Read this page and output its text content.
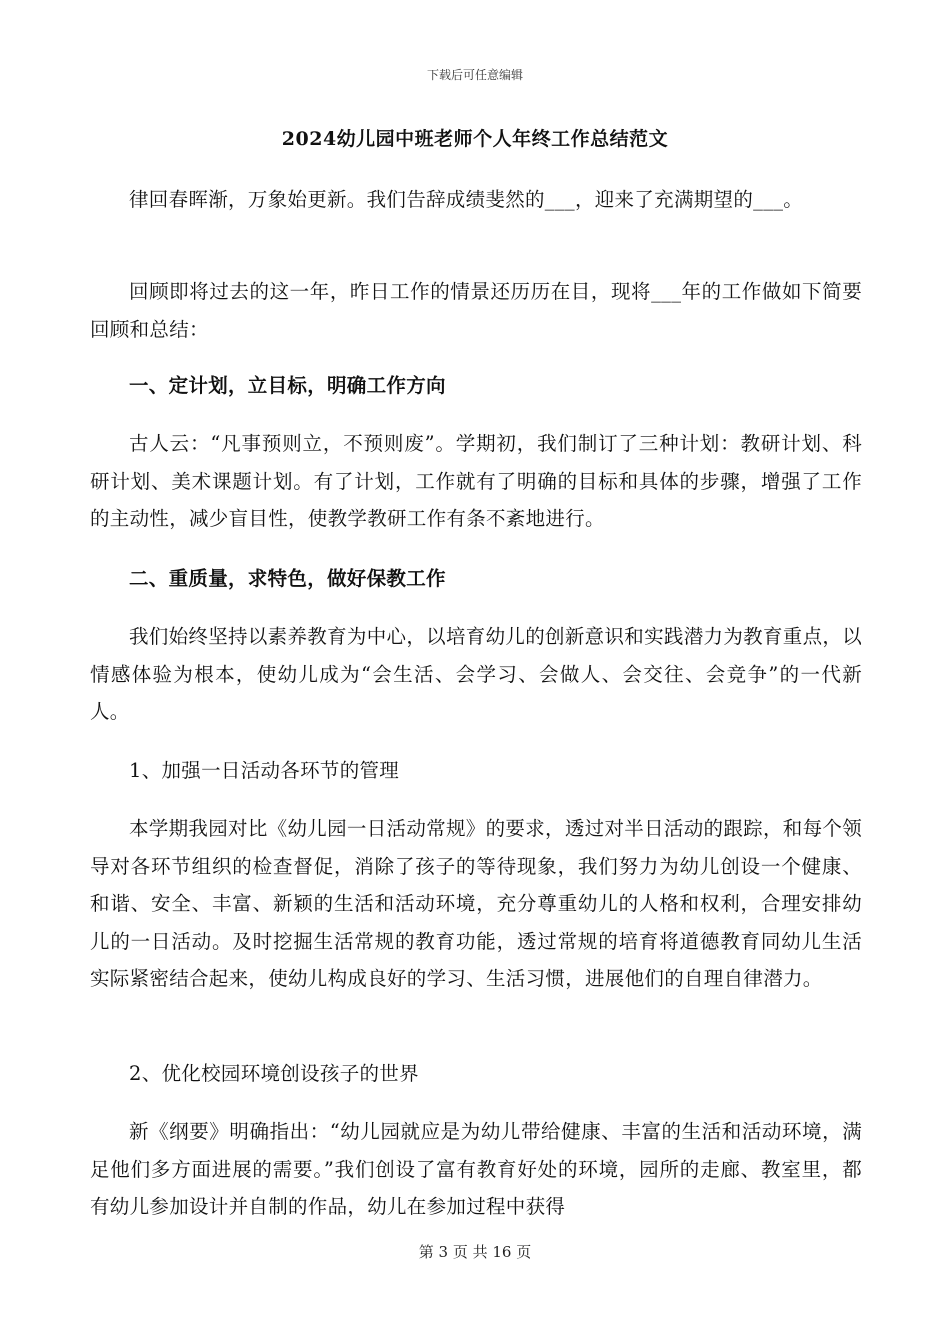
下载后可任意编辑
2024幼儿园中班老师个人年终工作总结范文

律回春晖渐，万象始更新。我们告辞成绩斐然的___，迎来了充满期望的___。

回顾即将过去的这一年，昨日工作的情景还历历在目，现将___年的工作做如下简要回顾和总结：

一、定计划，立目标，明确工作方向

古人云：“凡事预则立，不预则废”。学期初，我们制订了三种计划：教研计划、科研计划、美术课题计划。有了计划，工作就有了明确的目标和具体的步骤，增强了工作的主动性，减少盲目性，使教学教研工作有条不紊地进行。

二、重质量，求特色，做好保教工作

我们始终坚持以素养教育为中心，以培育幼儿的创新意识和实践潜力为教育重点，以情感体验为根本，使幼儿成为“会生活、会学习、会做人、会交往、会竞争”的一代新人。

1、加强一日活动各环节的管理

本学期我园对比《幼儿园一日活动常规》的要求，透过对半日活动的跟踪，和每个领导对各环节组织的检查督促，消除了孩子的等待现象，我们努力为幼儿创设一个健康、和谐、安全、丰富、新颖的生活和活动环境，充分尊重幼儿的人格和权利，合理安排幼儿的一日活动。及时挖掘生活常规的教育功能，透过常规的培育将道德教育同幼儿生活实际紧密结合起来，使幼儿构成良好的学习、生活习惯，进展他们的自理自律潜力。

2、优化校园环境创设孩子的世界

新《纲要》明确指出：“幼儿园就应是为幼儿带给健康、丰富的生活和活动环境，满足他们多方面进展的需要。”我们创设了富有教育好处的环境，园所的走廊、教室里，都有幼儿参加设计并自制的作品，幼儿在参加过程中获得

第 3 页 共 16 页
